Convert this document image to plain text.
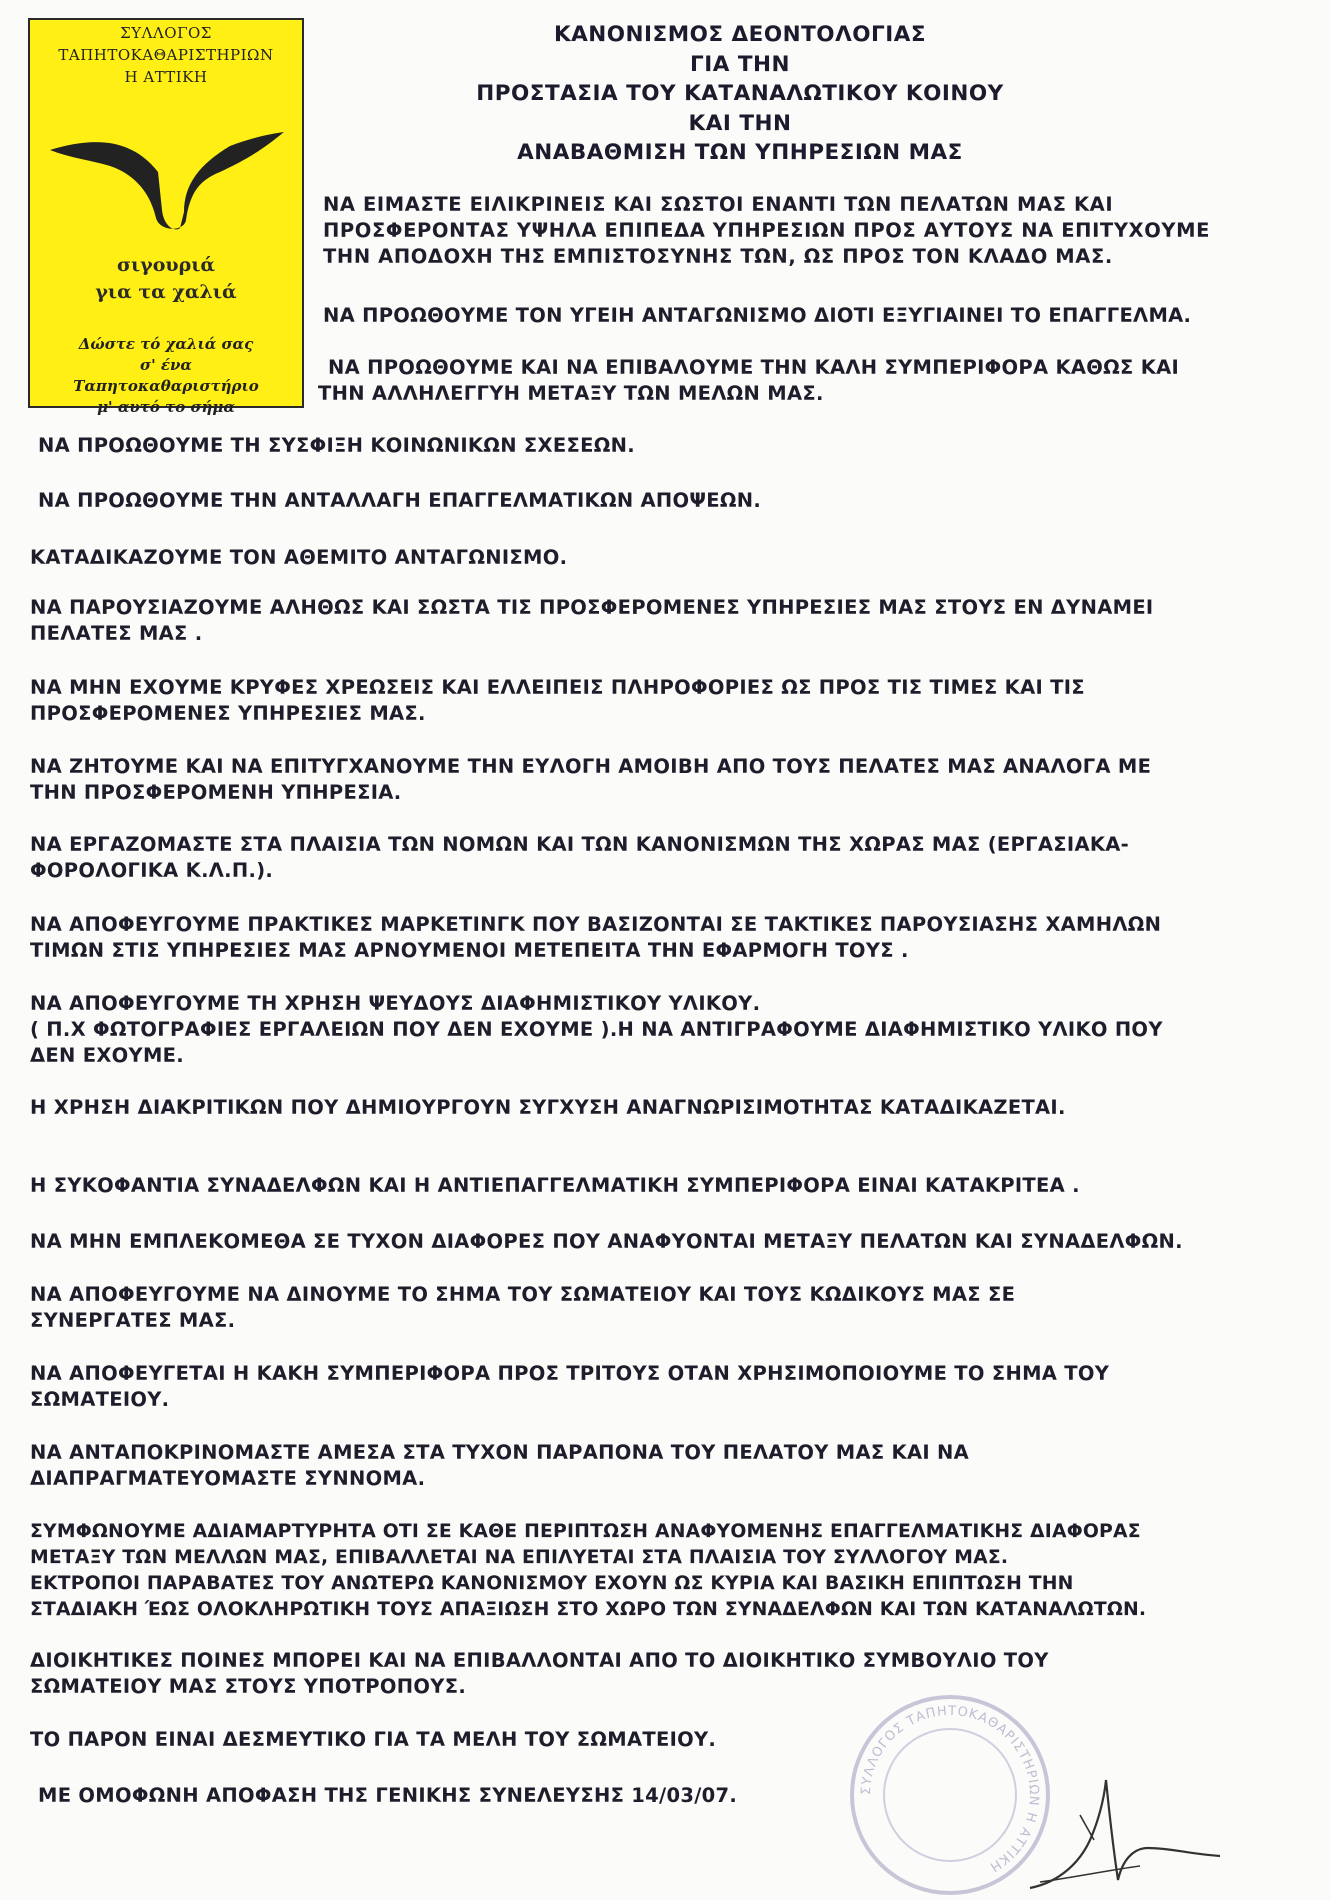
ΣΥΛΛΟΓΟΣ
ΤΑΠΗΤΟΚΑΘΑΡΙΣΤΗΡΙΩΝ
Η ΑΤΤΙΚΗ
σιγουριά
για τα χαλιά
Δώστε τό χαλιά σας
σ' ένα
Ταπητοκαθαριστήριο
μ' αυτό το σήμα
ΚΑΝΟΝΙΣΜΟΣ ΔΕΟΝΤΟΛΟΓΙΑΣ
ΓΙΑ ΤΗΝ
ΠΡΟΣΤΑΣΙΑ ΤΟΥ ΚΑΤΑΝΑΛΩΤΙΚΟΥ ΚΟΙΝΟΥ
ΚΑΙ ΤΗΝ
ΑΝΑΒΑΘΜΙΣΗ ΤΩΝ ΥΠΗΡΕΣΙΩΝ ΜΑΣ
ΝΑ ΕΙΜΑΣΤΕ ΕΙΛΙΚΡΙΝΕΙΣ ΚΑΙ ΣΩΣΤΟΙ ΕΝΑΝΤΙ ΤΩΝ ΠΕΛΑΤΩΝ ΜΑΣ ΚΑΙ
ΠΡΟΣΦΕΡΟΝΤΑΣ ΥΨΗΛΑ ΕΠΙΠΕΔΑ ΥΠΗΡΕΣΙΩΝ ΠΡΟΣ ΑΥΤΟΥΣ ΝΑ ΕΠΙΤΥΧΟΥΜΕ
ΤΗΝ ΑΠΟΔΟΧΗ ΤΗΣ ΕΜΠΙΣΤΟΣΥΝΗΣ ΤΩΝ, ΩΣ ΠΡΟΣ ΤΟΝ ΚΛΑΔΟ ΜΑΣ.
ΝΑ ΠΡΟΩΘΟΥΜΕ ΤΟΝ ΥΓΕΙΗ ΑΝΤΑΓΩΝΙΣΜΟ ΔΙΟΤΙ ΕΞΥΓΙΑΙΝΕΙ ΤΟ ΕΠΑΓΓΕΛΜΑ.
ΝΑ ΠΡΟΩΘΟΥΜΕ ΚΑΙ ΝΑ ΕΠΙΒΑΛΟΥΜΕ ΤΗΝ ΚΑΛΗ ΣΥΜΠΕΡΙΦΟΡΑ ΚΑΘΩΣ ΚΑΙ
ΤΗΝ ΑΛΛΗΛΕΓΓΥΗ ΜΕΤΑΞΥ ΤΩΝ ΜΕΛΩΝ ΜΑΣ.
ΝΑ ΠΡΟΩΘΟΥΜΕ ΤΗ ΣΥΣΦΙΞΗ ΚΟΙΝΩΝΙΚΩΝ ΣΧΕΣΕΩΝ.
ΝΑ ΠΡΟΩΘΟΥΜΕ ΤΗΝ ΑΝΤΑΛΛΑΓΗ ΕΠΑΓΓΕΛΜΑΤΙΚΩΝ ΑΠΟΨΕΩΝ.
ΚΑΤΑΔΙΚΑΖΟΥΜΕ ΤΟΝ ΑΘΕΜΙΤΟ ΑΝΤΑΓΩΝΙΣΜΟ.
ΝΑ ΠΑΡΟΥΣΙΑΖΟΥΜΕ ΑΛΗΘΩΣ ΚΑΙ ΣΩΣΤΑ ΤΙΣ ΠΡΟΣΦΕΡΟΜΕΝΕΣ ΥΠΗΡΕΣΙΕΣ ΜΑΣ ΣΤΟΥΣ ΕΝ ΔΥΝΑΜΕΙ
ΠΕΛΑΤΕΣ ΜΑΣ .
ΝΑ ΜΗΝ ΕΧΟΥΜΕ ΚΡΥΦΕΣ ΧΡΕΩΣΕΙΣ ΚΑΙ ΕΛΛΕΙΠΕΙΣ ΠΛΗΡΟΦΟΡΙΕΣ ΩΣ ΠΡΟΣ ΤΙΣ ΤΙΜΕΣ ΚΑΙ ΤΙΣ
ΠΡΟΣΦΕΡΟΜΕΝΕΣ ΥΠΗΡΕΣΙΕΣ ΜΑΣ.
ΝΑ ΖΗΤΟΥΜΕ ΚΑΙ ΝΑ ΕΠΙΤΥΓΧΑΝΟΥΜΕ ΤΗΝ ΕΥΛΟΓΗ ΑΜΟΙΒΗ ΑΠΟ ΤΟΥΣ ΠΕΛΑΤΕΣ ΜΑΣ ΑΝΑΛΟΓΑ ΜΕ
ΤΗΝ ΠΡΟΣΦΕΡΟΜΕΝΗ ΥΠΗΡΕΣΙΑ.
ΝΑ ΕΡΓΑΖΟΜΑΣΤΕ ΣΤΑ ΠΛΑΙΣΙΑ ΤΩΝ ΝΟΜΩΝ ΚΑΙ ΤΩΝ ΚΑΝΟΝΙΣΜΩΝ ΤΗΣ ΧΩΡΑΣ ΜΑΣ (ΕΡΓΑΣΙΑΚΑ-
ΦΟΡΟΛΟΓΙΚΑ Κ.Λ.Π.).
ΝΑ ΑΠΟΦΕΥΓΟΥΜΕ ΠΡΑΚΤΙΚΕΣ ΜΑΡΚΕΤΙΝΓΚ ΠΟΥ ΒΑΣΙΖΟΝΤΑΙ ΣΕ ΤΑΚΤΙΚΕΣ ΠΑΡΟΥΣΙΑΣΗΣ ΧΑΜΗΛΩΝ
ΤΙΜΩΝ ΣΤΙΣ ΥΠΗΡΕΣΙΕΣ ΜΑΣ ΑΡΝΟΥΜΕΝΟΙ ΜΕΤΕΠΕΙΤΑ ΤΗΝ ΕΦΑΡΜΟΓΗ ΤΟΥΣ .
ΝΑ ΑΠΟΦΕΥΓΟΥΜΕ ΤΗ ΧΡΗΣΗ ΨΕΥΔΟΥΣ ΔΙΑΦΗΜΙΣΤΙΚΟΥ ΥΛΙΚΟΥ.
( Π.Χ ΦΩΤΟΓΡΑΦΙΕΣ ΕΡΓΑΛΕΙΩΝ ΠΟΥ ΔΕΝ ΕΧΟΥΜΕ ).Η ΝΑ ΑΝΤΙΓΡΑΦΟΥΜΕ ΔΙΑΦΗΜΙΣΤΙΚΟ ΥΛΙΚΟ ΠΟΥ
ΔΕΝ ΕΧΟΥΜΕ.
Η ΧΡΗΣΗ ΔΙΑΚΡΙΤΙΚΩΝ ΠΟΥ ΔΗΜΙΟΥΡΓΟΥΝ ΣΥΓΧΥΣΗ ΑΝΑΓΝΩΡΙΣΙΜΟΤΗΤΑΣ ΚΑΤΑΔΙΚΑΖΕΤΑΙ.
Η ΣΥΚΟΦΑΝΤΙΑ ΣΥΝΑΔΕΛΦΩΝ ΚΑΙ Η ΑΝΤΙΕΠΑΓΓΕΛΜΑΤΙΚΗ ΣΥΜΠΕΡΙΦΟΡΑ ΕΙΝΑΙ ΚΑΤΑΚΡΙΤΕΑ .
ΝΑ ΜΗΝ ΕΜΠΛΕΚΟΜΕΘΑ ΣΕ ΤΥΧΟΝ ΔΙΑΦΟΡΕΣ ΠΟΥ ΑΝΑΦΥΟΝΤΑΙ ΜΕΤΑΞΥ ΠΕΛΑΤΩΝ ΚΑΙ ΣΥΝΑΔΕΛΦΩΝ.
ΝΑ ΑΠΟΦΕΥΓΟΥΜΕ ΝΑ ΔΙΝΟΥΜΕ ΤΟ ΣΗΜΑ ΤΟΥ ΣΩΜΑΤΕΙΟΥ ΚΑΙ ΤΟΥΣ ΚΩΔΙΚΟΥΣ ΜΑΣ ΣΕ
ΣΥΝΕΡΓΑΤΕΣ ΜΑΣ.
ΝΑ ΑΠΟΦΕΥΓΕΤΑΙ Η ΚΑΚΗ ΣΥΜΠΕΡΙΦΟΡΑ ΠΡΟΣ ΤΡΙΤΟΥΣ ΟΤΑΝ ΧΡΗΣΙΜΟΠΟΙΟΥΜΕ ΤΟ ΣΗΜΑ ΤΟΥ
ΣΩΜΑΤΕΙΟΥ.
ΝΑ ΑΝΤΑΠΟΚΡΙΝΟΜΑΣΤΕ ΑΜΕΣΑ ΣΤΑ ΤΥΧΟΝ ΠΑΡΑΠΟΝΑ ΤΟΥ ΠΕΛΑΤΟΥ ΜΑΣ ΚΑΙ ΝΑ
ΔΙΑΠΡΑΓΜΑΤΕΥΟΜΑΣΤΕ ΣΥΝΝΟΜΑ.
ΣΥΜΦΩΝΟΥΜΕ ΑΔΙΑΜΑΡΤΥΡΗΤΑ ΟΤΙ ΣΕ ΚΑΘΕ ΠΕΡΙΠΤΩΣΗ ΑΝΑΦΥΟΜΕΝΗΣ ΕΠΑΓΓΕΛΜΑΤΙΚΗΣ ΔΙΑΦΟΡΑΣ
ΜΕΤΑΞΥ ΤΩΝ ΜΕΛΛΩΝ ΜΑΣ, ΕΠΙΒΑΛΛΕΤΑΙ ΝΑ ΕΠΙΛΥΕΤΑΙ ΣΤΑ ΠΛΑΙΣΙΑ ΤΟΥ ΣΥΛΛΟΓΟΥ ΜΑΣ.
ΕΚΤΡΟΠΟΙ ΠΑΡΑΒΑΤΕΣ ΤΟΥ ΑΝΩΤΕΡΩ ΚΑΝΟΝΙΣΜΟΥ ΕΧΟΥΝ ΩΣ ΚΥΡΙΑ ΚΑΙ ΒΑΣΙΚΗ ΕΠΙΠΤΩΣΗ ΤΗΝ
ΣΤΑΔΙΑΚΗ ΈΩΣ ΟΛΟΚΛΗΡΩΤΙΚΗ ΤΟΥΣ ΑΠΑΞΙΩΣΗ ΣΤΟ ΧΩΡΟ ΤΩΝ ΣΥΝΑΔΕΛΦΩΝ ΚΑΙ ΤΩΝ ΚΑΤΑΝΑΛΩΤΩΝ.
ΔΙΟΙΚΗΤΙΚΕΣ ΠΟΙΝΕΣ ΜΠΟΡΕΙ ΚΑΙ ΝΑ ΕΠΙΒΑΛΛΟΝΤΑΙ ΑΠΟ ΤΟ ΔΙΟΙΚΗΤΙΚΟ ΣΥΜΒΟΥΛΙΟ ΤΟΥ
ΣΩΜΑΤΕΙΟΥ ΜΑΣ ΣΤΟΥΣ ΥΠΟΤΡΟΠΟΥΣ.
ΤΟ ΠΑΡΟΝ ΕΙΝΑΙ ΔΕΣΜΕΥΤΙΚΟ ΓΙΑ ΤΑ ΜΕΛΗ ΤΟΥ ΣΩΜΑΤΕΙΟΥ.
ΜΕ ΟΜΟΦΩΝΗ ΑΠΟΦΑΣΗ ΤΗΣ ΓΕΝΙΚΗΣ ΣΥΝΕΛΕΥΣΗΣ 14/03/07.	ΣΥΛΛΟΓΟΣ ΤΑΠΗΤΟΚΑΘΑΡΙΣΤΗΡΙΩΝ Η ΑΤΤΙΚΗ
